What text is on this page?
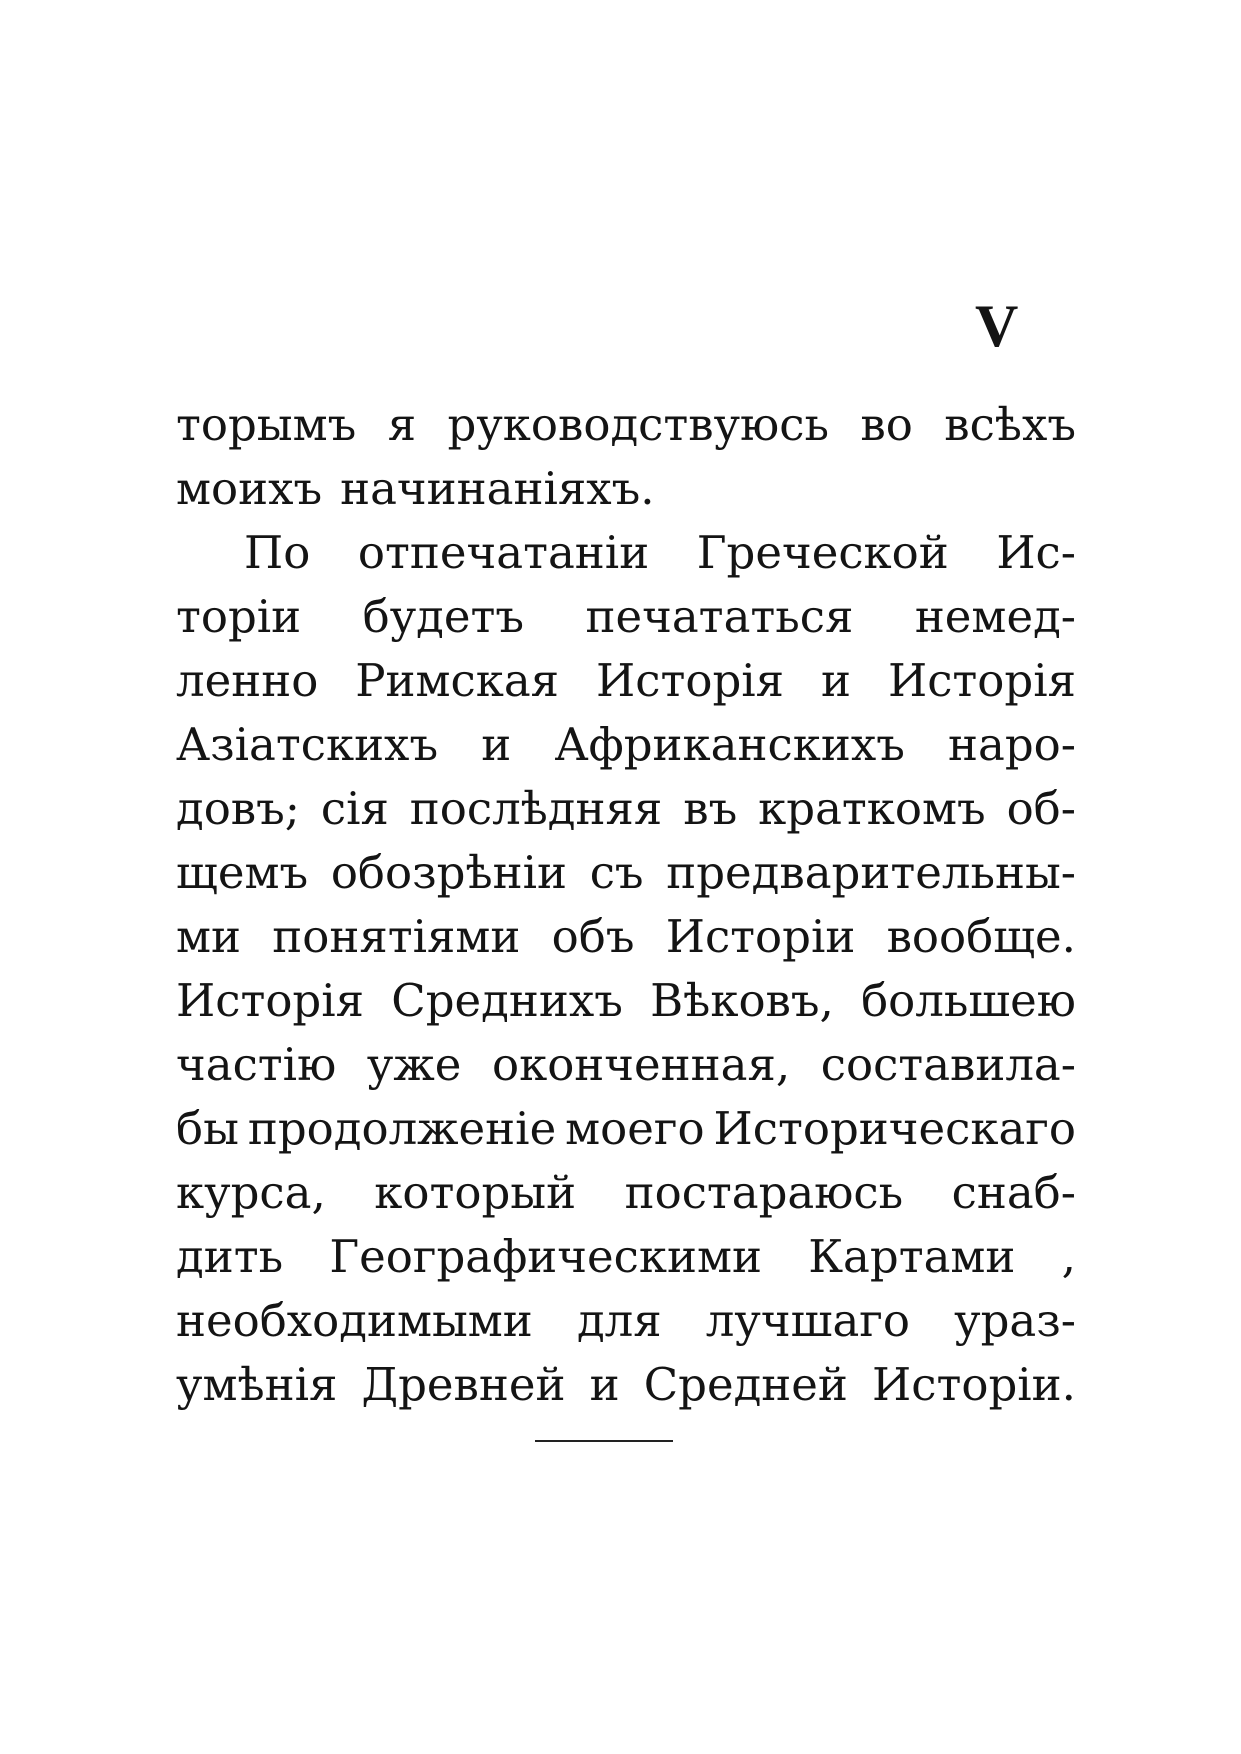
V
торымъ я руководствуюсь во всѣхъ
моихъ начинаніяхъ.
По отпечатаніи Греческой Ис-
торіи будетъ печататься немед-
ленно Римская Исторія и Исторія
Азіатскихъ и Африканскихъ наро-
довъ; сія послѣдняя въ краткомъ об-
щемъ обозрѣніи съ предварительны-
ми понятіями объ Исторіи вообще.
Исторія Среднихъ Вѣковъ, большею
частію уже оконченная, составила-
бы продолженіе моего Историческаго
курса, который постараюсь снаб-
дить Географическими Картами ,
необходимыми для лучшаго ураз-
умѣнія Древней и Средней Исторіи.
